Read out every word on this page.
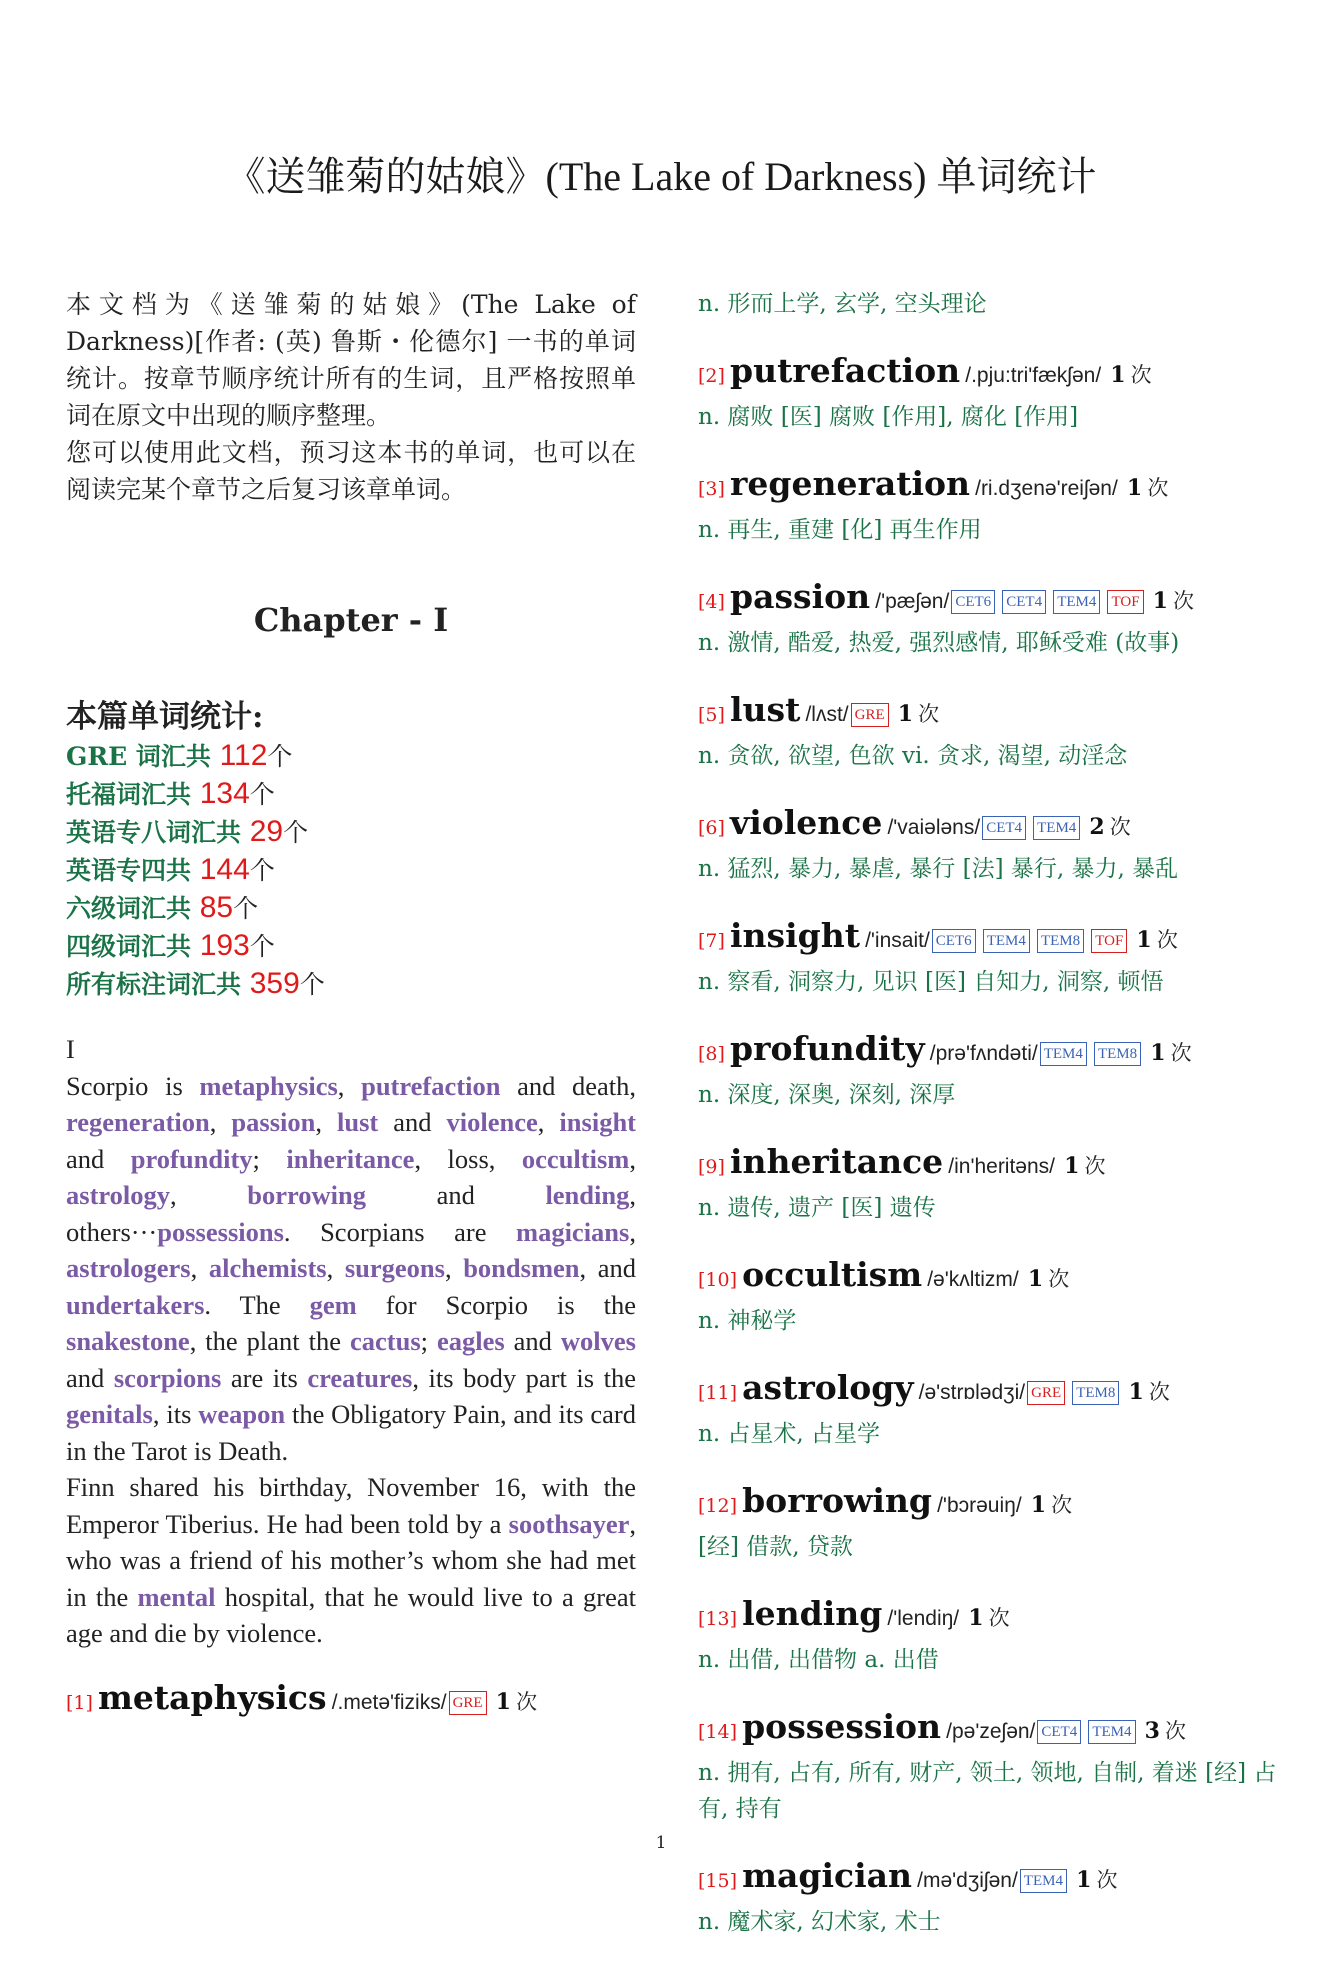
《送雏菊的姑娘》(The Lake of Darkness) 单词统计

本文档为《送雏菊的姑娘》(The Lake of Darkness)[作者: (英) 鲁斯・伦德尔] 一书的单词统计。按章节顺序统计所有的生词，且严格按照单词在原文中出现的顺序整理。

您可以使用此文档，预习这本书的单词，也可以在阅读完某个章节之后复习该章单词。

Chapter - I
本篇单词统计:
GRE 词汇共 112个
托福词汇共 134个
英语专八词汇共 29个
英语专四共 144个
六级词汇共 85个
四级词汇共 193个
所有标注词汇共 359个
I
Scorpio is metaphysics, putrefaction and death, regeneration, passion, lust and violence, insight and profundity; inheritance, loss, occultism, astrology, borrowing and lending, others···possessions. Scorpians are magicians, astrologers, alchemists, surgeons, bondsmen, and undertakers. The gem for Scorpio is the snakestone, the plant the cactus; eagles and wolves and scorpions are its creatures, its body part is the genitals, its weapon the Obligatory Pain, and its card in the Tarot is Death.
Finn shared his birthday, November 16, with the Emperor Tiberius. He had been told by a soothsayer, who was a friend of his mother’s whom she had met in the mental hospital, that he would live to a great age and die by violence.
[1] metaphysics /.metə'fiziks/ GRE 1 次
n. 形而上学, 玄学, 空头理论
[2] putrefaction /.pju:tri'fækʃən/ 1 次
n. 腐败 [医] 腐败 [作用], 腐化 [作用]
[3] regeneration /ri.dʒenə'reiʃən/ 1 次
n. 再生, 重建 [化] 再生作用
[4] passion /'pæʃən/ CET6 CET4 TEM4 TOF 1 次
n. 激情, 酷爱, 热爱, 强烈感情, 耶稣受难 (故事)
[5] lust /lʌst/ GRE 1 次
n. 贪欲, 欲望, 色欲 vi. 贪求, 渴望, 动淫念
[6] violence /'vaiələns/ CET4 TEM4 2 次
n. 猛烈, 暴力, 暴虐, 暴行 [法] 暴行, 暴力, 暴乱
[7] insight /'insait/ CET6 TEM4 TEM8 TOF 1 次
n. 察看, 洞察力, 见识 [医] 自知力, 洞察, 顿悟
[8] profundity /prə'fʌndəti/ TEM4 TEM8 1 次
n. 深度, 深奥, 深刻, 深厚
[9] inheritance /in'heritəns/ 1 次
n. 遗传, 遗产 [医] 遗传
[10] occultism /ə'kʌltizm/ 1 次
n. 神秘学
[11] astrology /ə'strɒlədʒi/ GRE TEM8 1 次
n. 占星术, 占星学
[12] borrowing /'bɔrəuiŋ/ 1 次
[经] 借款, 贷款
[13] lending /'lendiŋ/ 1 次
n. 出借, 出借物 a. 出借
[14] possession /pə'zeʃən/ CET4 TEM4 3 次
n. 拥有, 占有, 所有, 财产, 领土, 领地, 自制, 着迷 [经] 占有, 持有
[15] magician /mə'dʒiʃən/ TEM4 1 次
n. 魔术家, 幻术家, 术士
1
